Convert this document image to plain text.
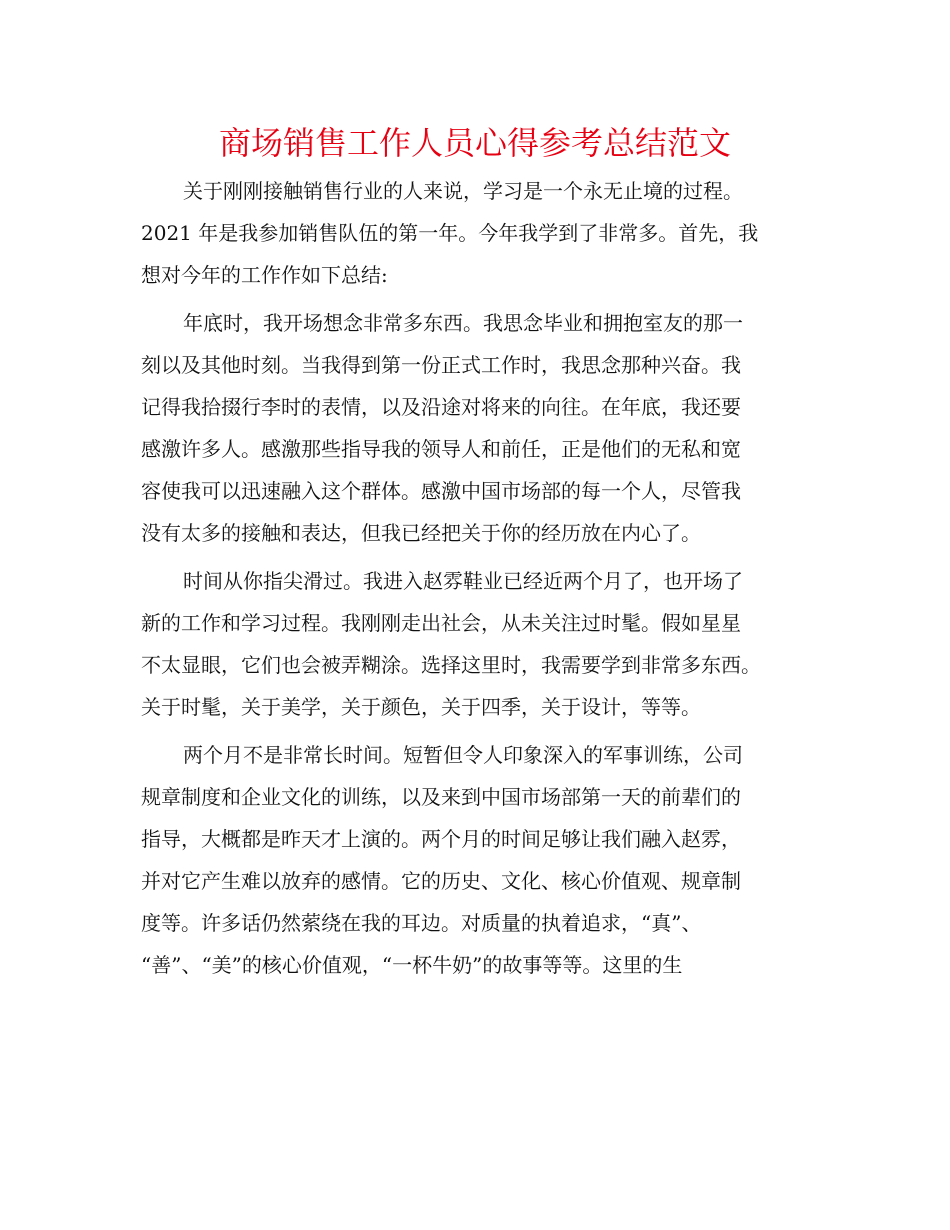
商场销售工作人员心得参考总结范文
关于刚刚接触销售行业的人来说，学习是一个永无止境的过程。
2021 年是我参加销售队伍的第一年。今年我学到了非常多。首先，我
想对今年的工作作如下总结:
年底时，我开场想念非常多东西。我思念毕业和拥抱室友的那一
刻以及其他时刻。当我得到第一份正式工作时，我思念那种兴奋。我
记得我拾掇行李时的表情，以及沿途对将来的向往。在年底，我还要
感激许多人。感激那些指导我的领导人和前任，正是他们的无私和宽
容使我可以迅速融入这个群体。感激中国市场部的每一个人，尽管我
没有太多的接触和表达，但我已经把关于你的经历放在内心了。
时间从你指尖滑过。我进入赵雰鞋业已经近两个月了，也开场了
新的工作和学习过程。我刚刚走出社会，从未关注过时髦。假如星星
不太显眼，它们也会被弄糊涂。选择这里时，我需要学到非常多东西。
关于时髦，关于美学，关于颜色，关于四季，关于设计，等等。
两个月不是非常长时间。短暂但令人印象深入的军事训练，公司
规章制度和企业文化的训练，以及来到中国市场部第一天的前辈们的
指导，大概都是昨天才上演的。两个月的时间足够让我们融入赵雰，
并对它产生难以放弃的感情。它的历史、文化、核心价值观、规章制
度等。许多话仍然萦绕在我的耳边。对质量的执着追求，“真”、
“善”、“美”的核心价值观，“一杯牛奶”的故事等等。这里的生
